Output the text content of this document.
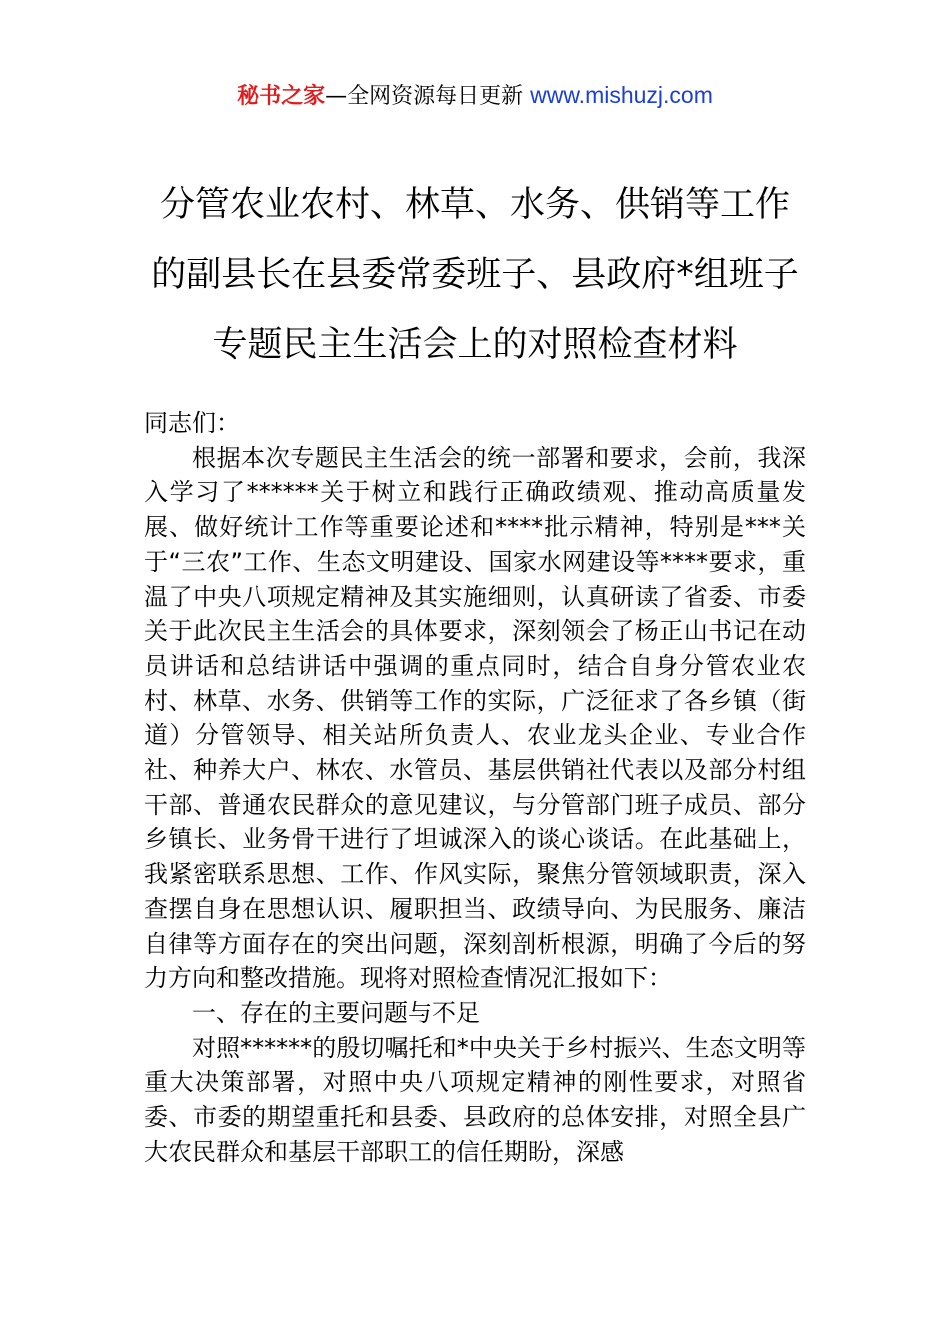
秘书之家—全网资源每日更新 www.mishuzj.com
分管农业农村、林草、水务、供销等工作
的副县长在县委常委班子、县政府*组班子
专题民主生活会上的对照检查材料

同志们：

根据本次专题民主生活会的统一部署和要求，会前，我深入学习了******关于树立和践行正确政绩观、推动高质量发展、做好统计工作等重要论述和****批示精神，特别是***关于“三农”工作、生态文明建设、国家水网建设等****要求，重温了中央八项规定精神及其实施细则，认真研读了省委、市委关于此次民主生活会的具体要求，深刻领会了杨正山书记在动员讲话和总结讲话中强调的重点同时，结合自身分管农业农村、林草、水务、供销等工作的实际，广泛征求了各乡镇（街道）分管领导、相关站所负责人、农业龙头企业、专业合作社、种养大户、林农、水管员、基层供销社代表以及部分村组干部、普通农民群众的意见建议，与分管部门班子成员、部分乡镇长、业务骨干进行了坦诚深入的谈心谈话。在此基础上，我紧密联系思想、工作、作风实际，聚焦分管领域职责，深入查摆自身在思想认识、履职担当、政绩导向、为民服务、廉洁自律等方面存在的突出问题，深刻剖析根源，明确了今后的努力方向和整改措施。现将对照检查情况汇报如下：

一、存在的主要问题与不足

对照******的殷切嘱托和*中央关于乡村振兴、生态文明等重大决策部署，对照中央八项规定精神的刚性要求，对照省委、市委的期望重托和县委、县政府的总体安排，对照全县广大农民群众和基层干部职工的信任期盼，深感
